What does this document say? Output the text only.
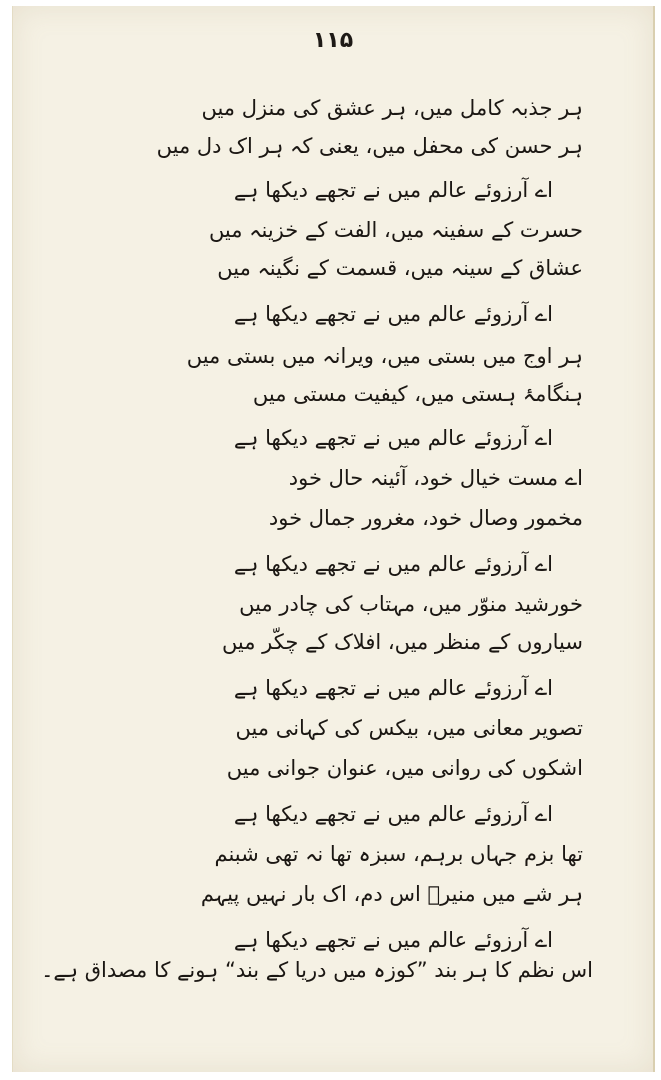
۱۱۵
ہر جذبہ کامل میں، ہر عشق کی منزل میں
ہر حسن کی محفل میں، یعنی کہ ہر اک دل میں
اے آرزوئے عالم میں نے تجھے دیکھا ہے
حسرت کے سفینہ میں، الفت کے خزینہ میں
عشاق کے سینہ میں، قسمت کے نگینہ میں
اے آرزوئے عالم میں نے تجھے دیکھا ہے
ہر اوج میں بستی میں، ویرانہ میں بستی میں
ہنگامۂ ہستی میں، کیفیت مستی میں
اے آرزوئے عالم میں نے تجھے دیکھا ہے
اے مست خیال خود، آئینہ حال خود
مخمور وصال خود، مغرور جمال خود
اے آرزوئے عالم میں نے تجھے دیکھا ہے
خورشید منوّر میں، مہتاب کی چادر میں
سیاروں کے منظر میں، افلاک کے چکّر میں
اے آرزوئے عالم میں نے تجھے دیکھا ہے
تصویر معانی میں، بیکس کی کہانی میں
اشکوں کی روانی میں، عنوان جوانی میں
اے آرزوئے عالم میں نے تجھے دیکھا ہے
تھا بزم جہاں برہم، سبزہ تھا نہ تھی شبنم
ہر شے میں منیرؔ اس دم، اک بار نہیں پیہم
اے آرزوئے عالم میں نے تجھے دیکھا ہے
اس نظم کا ہر بند ”کوزہ میں دریا کے بند“ ہونے کا مصداق ہے۔
